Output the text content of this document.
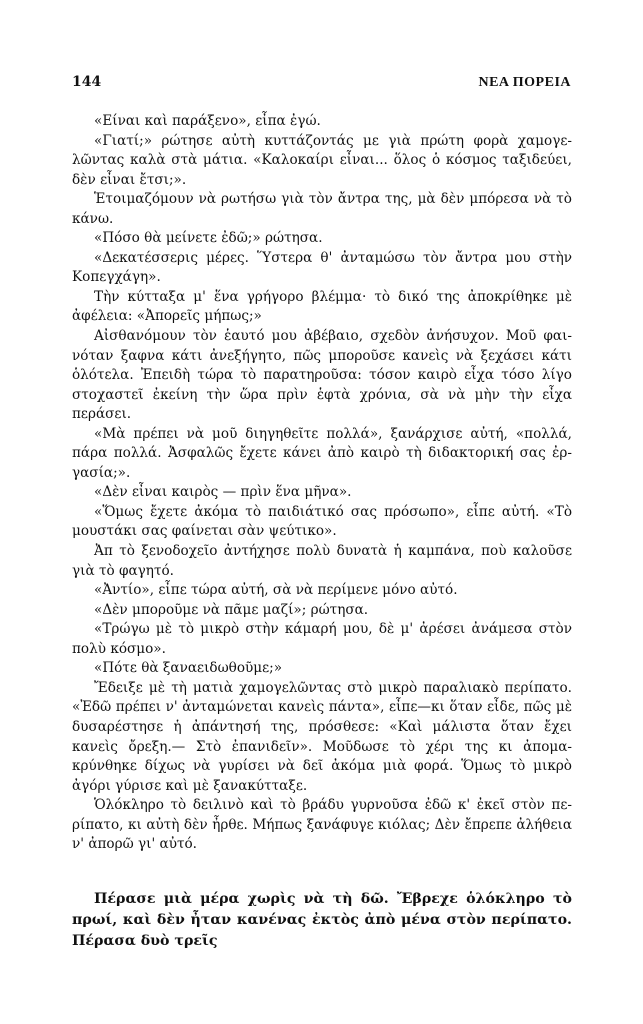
144	ΝΕΑ ΠΟΡΕΙΑ

«Είναι καὶ παράξενο», εἶπα ἐγώ.

«Γιατί;» ρώτησε αὐτὴ κυττάζοντάς με γιὰ πρώτη φορὰ χαμογελῶντας καλὰ στὰ μάτια. «Καλοκαίρι εἶναι... ὅλος ὁ κόσμος ταξιδεύει, δὲν εἶναι ἔτσι;».

Ἑτοιμαζόμουν νὰ ρωτήσω γιὰ τὸν ἄντρα της, μὰ δὲν μπόρεσα νὰ τὸ κάνω.

«Πόσο θὰ μείνετε ἐδῶ;» ρώτησα.

«Δεκατέσσερις μέρες. Ὕστερα θ' ἀνταμώσω τὸν ἄντρα μου στὴν Κοπεγχάγη».

Τὴν κύτταξα μ' ἕνα γρήγορο βλέμμα· τὸ δικό της ἀποκρίθηκε μὲ ἀφέλεια: «Ἀπορεῖς μήπως;»

Αἰσθανόμουν τὸν ἑαυτό μου ἀβέβαιο, σχεδὸν ἀνήσυχον. Μοῦ φαινόταν ξαφνα κάτι ἀνεξήγητο, πῶς μποροῦσε κανεὶς νὰ ξεχάσει κάτι ὁλότελα. Ἐπειδὴ τώρα τὸ παρατηροῦσα: τόσον καιρὸ εἶχα τόσο λίγο στοχαστεῖ ἐκείνη τὴν ὥρα πρὶν ἑφτὰ χρόνια, σὰ νὰ μὴν τὴν εἶχα περάσει.

«Μὰ πρέπει νὰ μοῦ διηγηθεῖτε πολλά», ξανάρχισε αὐτή, «πολλά, πάρα πολλά. Ἀσφαλῶς ἔχετε κάνει ἀπὸ καιρὸ τὴ διδακτορική σας ἐργασία;».

«Δὲν εἶναι καιρὸς — πρὶν ἕνα μῆνα».

«Ὅμως ἔχετε ἀκόμα τὸ παιδιάτικό σας πρόσωπο», εἶπε αὐτή. «Τὸ μουστάκι σας φαίνεται σὰν ψεύτικο».

Ἀπ τὸ ξενοδοχεῖο ἀντήχησε πολὺ δυνατὰ ἡ καμπάνα, ποὺ καλοῦσε γιὰ τὸ φαγητό.

«Ἀντίο», εἶπε τώρα αὐτή, σὰ νὰ περίμενε μόνο αὐτό.

«Δὲν μποροῦμε νὰ πᾶμε μαζί»; ρώτησα.

«Τρώγω μὲ τὸ μικρὸ στὴν κάμαρή μου, δὲ μ' ἀρέσει ἀνάμεσα στὸν πολὺ κόσμο».

«Πότε θὰ ξαναειδωθοῦμε;»

Ἔδειξε μὲ τὴ ματιὰ χαμογελῶντας στὸ μικρὸ παραλιακὸ περίπατο. «Ἐδῶ πρέπει ν' ἀνταμώνεται κανεὶς πάντα», εἶπε—κι ὅταν εἶδε, πῶς μὲ δυσαρέστησε ἡ ἀπάντησή της, πρόσθεσε: «Καὶ μάλιστα ὅταν ἔχει κανεὶς ὄρεξη.— Στὸ ἐπανιδεῖν». Μοῦδωσε τὸ χέρι της κι ἀπομακρύνθηκε δίχως νὰ γυρίσει νὰ δεῖ ἀκόμα μιὰ φορά. Ὅμως τὸ μικρὸ ἀγόρι γύρισε καὶ μὲ ξανακύτταξε.

Ὁλόκληρο τὸ δειλινὸ καὶ τὸ βράδυ γυρνοῦσα ἐδῶ κ' ἐκεῖ στὸν περίπατο, κι αὐτὴ δὲν ἦρθε. Μήπως ξανάφυγε κιόλας; Δὲν ἔπρεπε ἀλήθεια ν' ἀπορῶ γι' αὐτό.

Πέρασε μιὰ μέρα χωρὶς νὰ τὴ δῶ. Ἔβρεχε ὁλόκληρο τὸ πρωί, καὶ δὲν ἦταν κανένας ἐκτὸς ἀπὸ μένα στὸν περίπατο. Πέρασα δυὸ τρεῖς
